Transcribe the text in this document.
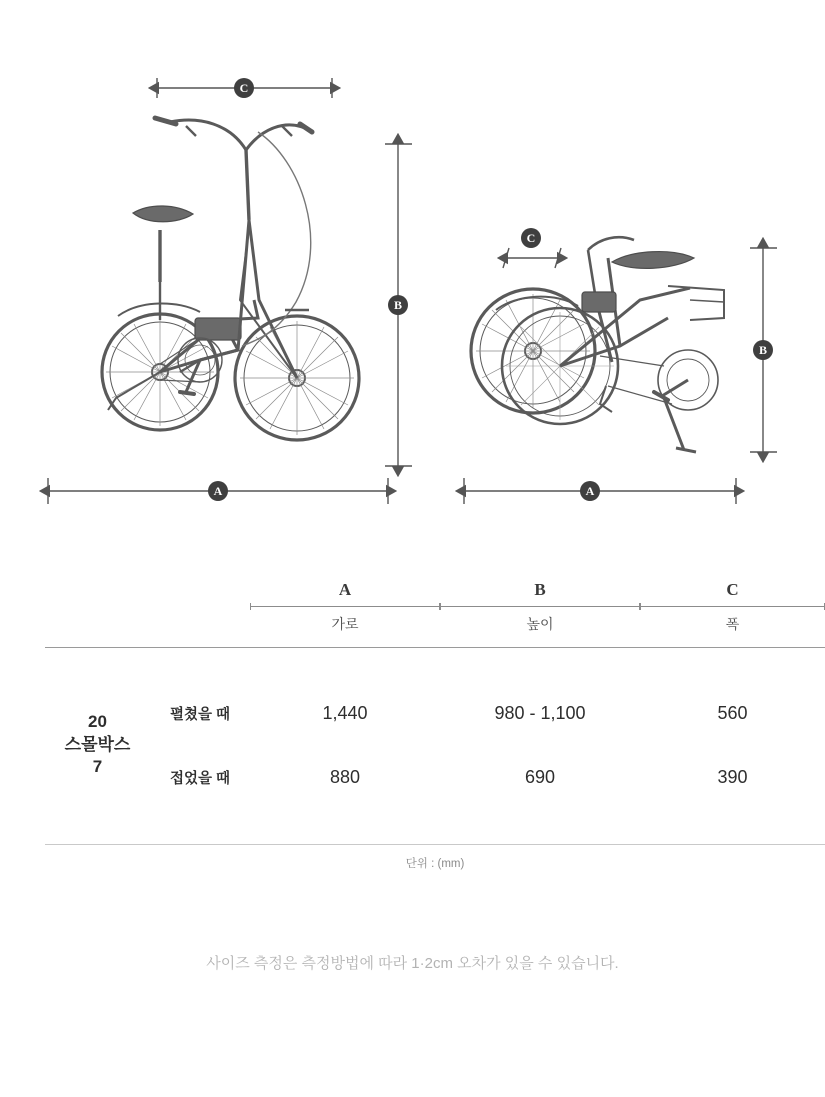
C
B
A
C
B
A
		A	B	C

		가로	높이	폭

20
스몰박스
7	펼쳤을 때	1,440	980 - 1,100	560
	접었을 때	880	690	390

단위 : (mm)				
사이즈 측정은 측정방법에 따라 1·2cm 오차가 있을 수 있습니다.
